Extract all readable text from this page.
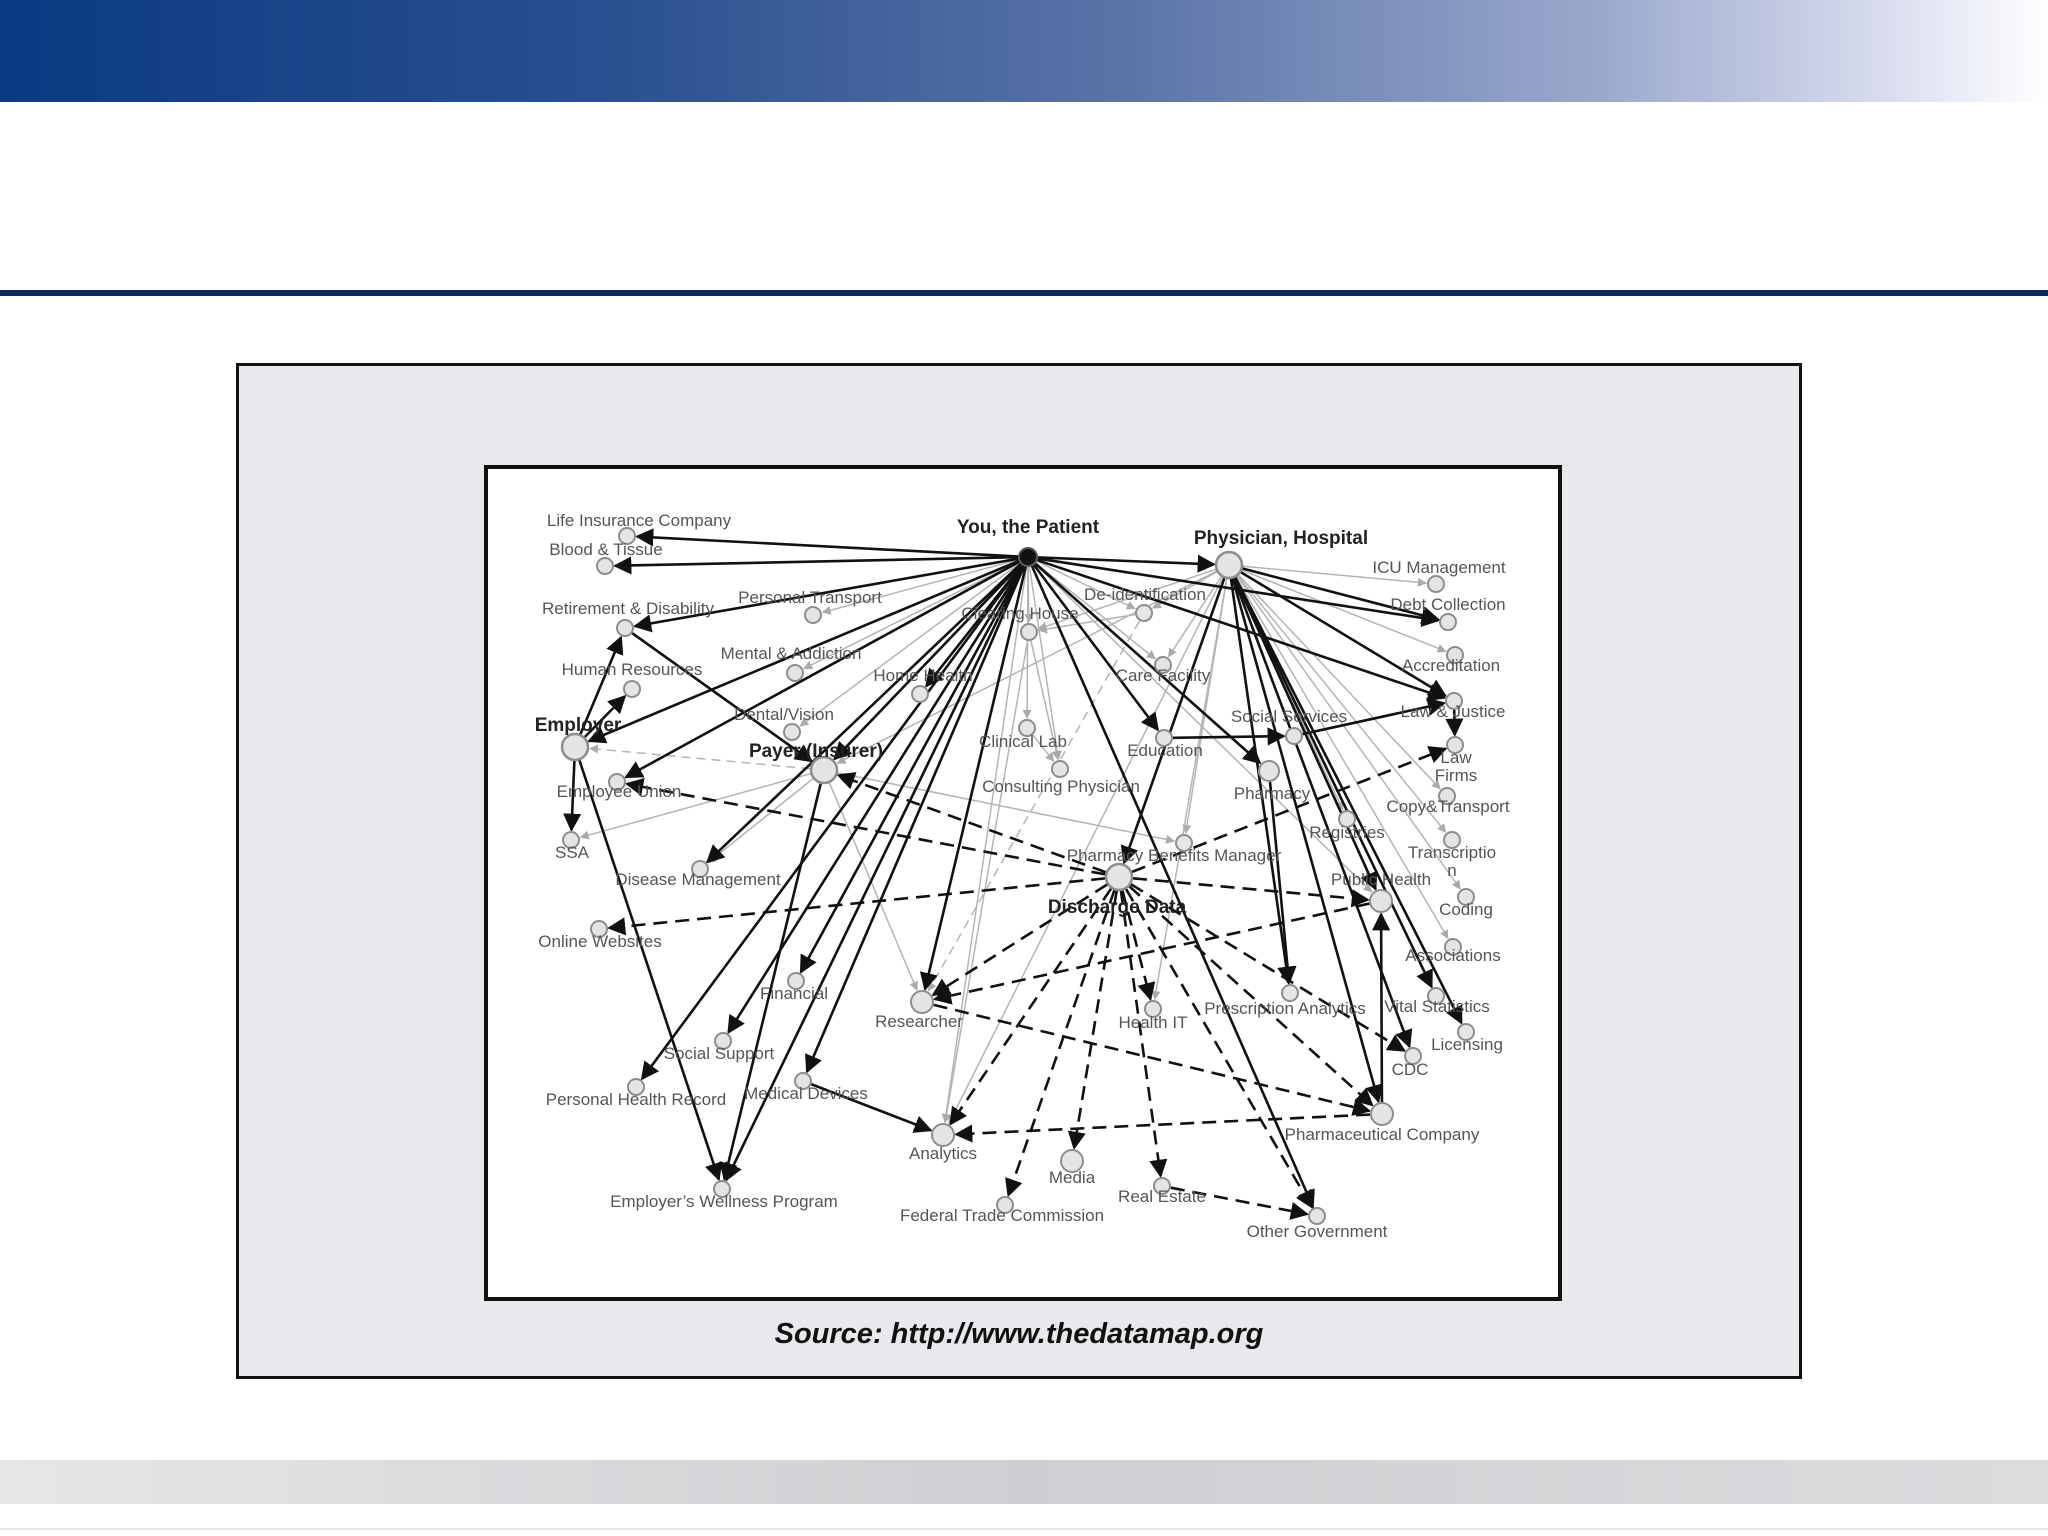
You, the Patient
Physician, Hospital
Payer (Insurer)
Discharge Data
Employer
Life Insurance Company
Blood & Tissue
Retirement & Disability
Human Resources
Employee Union
SSA
Disease Management
Online Websites
Personal Health Record
Employer’s Wellness Program
Personal Transport
Mental & Addiction
Dental/Vision
Home Health
Clearing House
De-identification
Care Facility
Clinical Lab
Consulting Physician
Education
Social Services
Pharmacy
Pharmacy Benefits Manager
Registries
Public Health
ICU Management
Debt Collection
Accreditation
Law & Justice
Law Firms
Copy&Transport
Transcriptio n
Coding
Associations
Vital Statistics
Licensing
CDC
Prescription Analytics
Health IT
Researcher
Financial
Social Support
Medical Devices
Analytics
Media
Federal Trade Commission
Real Estate
Other Government
Pharmaceutical Company
Source: http://www.thedatamap.org
